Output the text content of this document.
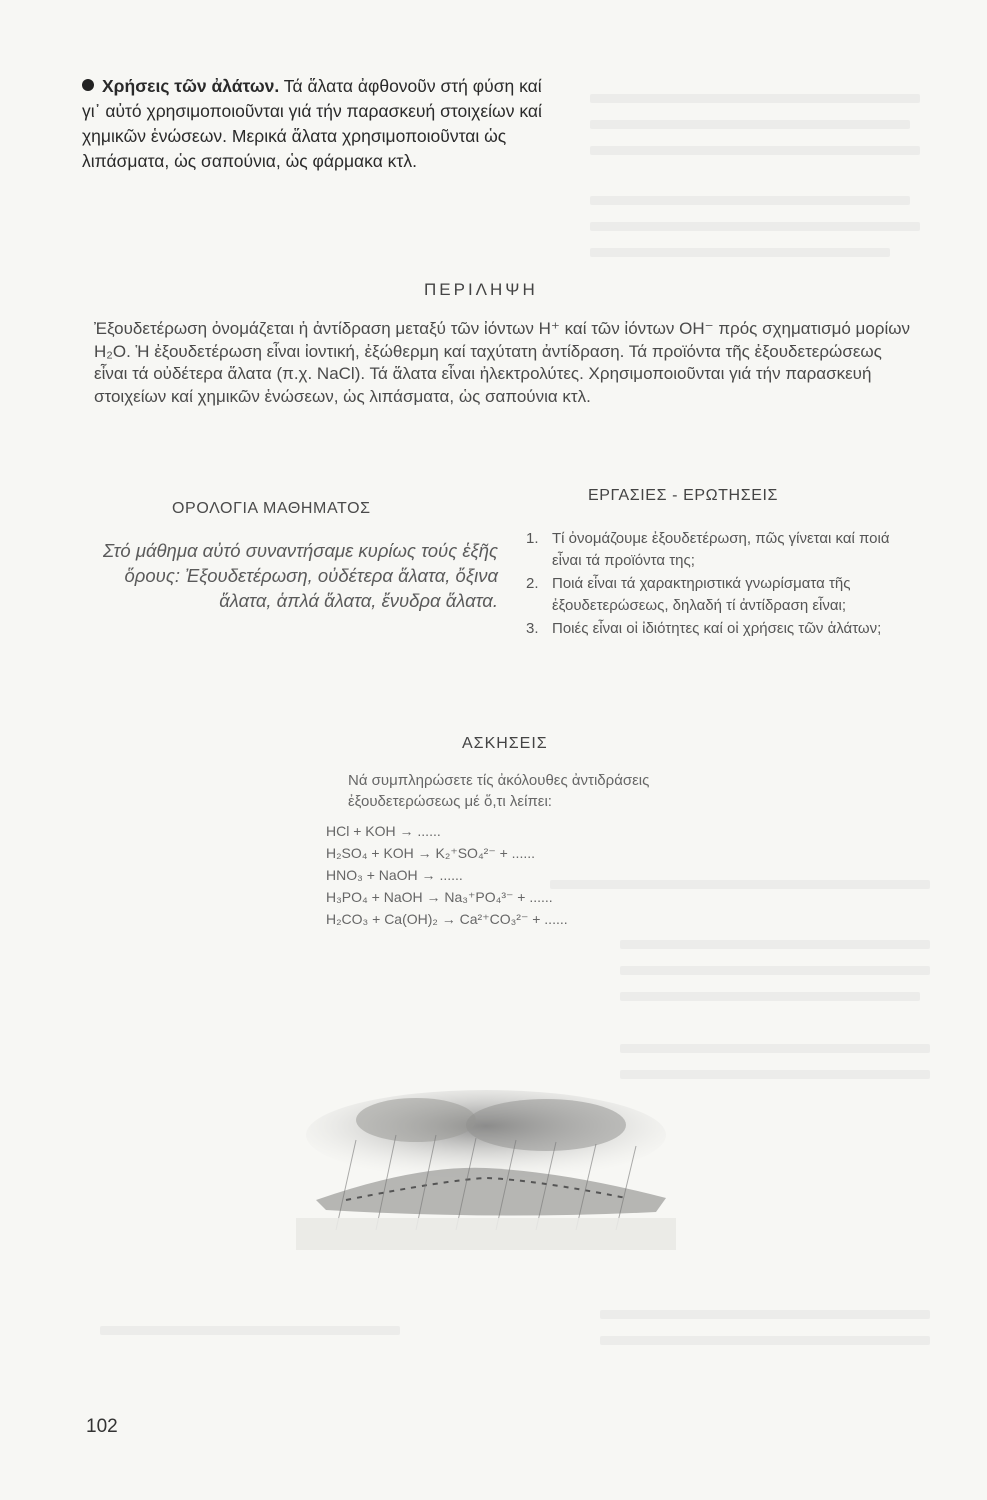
Χρήσεις τῶν ἀλάτων. Τά ἅλατα ἀφθονοῦν στή φύση καί γι᾽ αὐτό χρησιμοποιοῦνται γιά τήν παρασκευή στοιχείων καί χημικῶν ἑνώσεων. Μερικά ἅλατα χρησιμοποιοῦνται ὡς λιπάσματα, ὡς σαπούνια, ὡς φάρμακα κτλ.
ΠΕΡΙΛΗΨΗ
Ἐξουδετέρωση ὀνομάζεται ἡ ἀντίδραση μεταξύ τῶν ἰόντων H⁺ καί τῶν ἰόντων OH⁻ πρός σχηματισμό μορίων H₂O. Ἡ ἐξουδετέρωση εἶναι ἰοντική, ἐξώθερμη καί ταχύτατη ἀντίδραση. Τά προϊόντα τῆς ἐξουδετερώσεως εἶναι τά οὐδέτερα ἅλατα (π.χ. NaCl). Τά ἅλατα εἶναι ἠλεκτρολύτες. Χρησιμοποιοῦνται γιά τήν παρασκευή στοιχείων καί χημικῶν ἑνώσεων, ὡς λιπάσματα, ὡς σαπούνια κτλ.
ΟΡΟΛΟΓΙΑ ΜΑΘΗΜΑΤΟΣ
Στό μάθημα αὐτό συναντήσαμε κυρίως τούς ἑξῆς ὅρους: Ἐξουδετέρωση, οὐδέτερα ἅλατα, ὄξινα ἅλατα, ἁπλά ἅλατα, ἔνυδρα ἅλατα.
ΕΡΓΑΣΙΕΣ - ΕΡΩΤΗΣΕΙΣ
1. Τί ὀνομάζουμε ἐξουδετέρωση, πῶς γίνεται καί ποιά εἶναι τά προϊόντα της;
2. Ποιά εἶναι τά χαρακτηριστικά γνωρίσματα τῆς ἐξουδετερώσεως, δηλαδή τί ἀντίδραση εἶναι;
3. Ποιές εἶναι οἱ ἰδιότητες καί οἱ χρήσεις τῶν ἁλάτων;
ΑΣΚΗΣΕΙΣ
Νά συμπληρώσετε τίς ἀκόλουθες ἀντιδράσεις ἐξουδετερώσεως μέ ὅ,τι λείπει:
HCl + KOH → ......
H₂SO₄ + KOH → K₂⁺SO₄²⁻ + ......
HNO₃ + NaOH → ......
H₃PO₄ + NaOH → Na₃⁺PO₄³⁻ + ......
H₂CO₃ + Ca(OH)₂ → Ca²⁺CO₃²⁻ + ......
102
